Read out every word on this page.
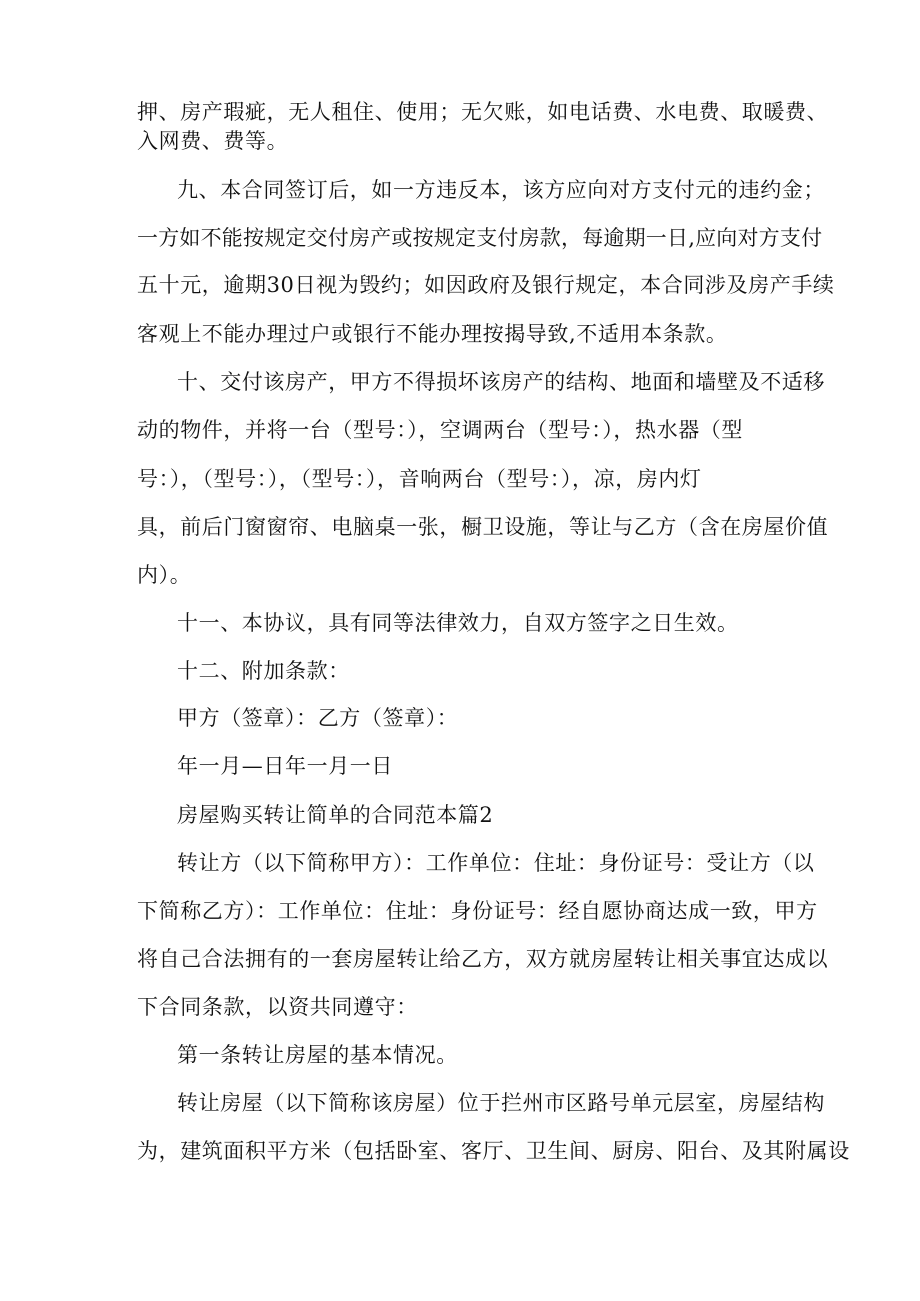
押、房产瑕疵，无人租住、使用；无欠账，如电话费、水电费、取暖费、
入网费、费等。
九、本合同签订后，如一方违反本，该方应向对方支付元的违约金；
一方如不能按规定交付房产或按规定支付房款，每逾期一日,应向对方支付
五十元，逾期30日视为毁约；如因政府及银行规定，本合同涉及房产手续
客观上不能办理过户或银行不能办理按揭导致,不适用本条款。
十、交付该房产，甲方不得损坏该房产的结构、地面和墙壁及不适移
动的物件，并将一台（型号：），空调两台（型号：），热水器（型
号：），（型号：），（型号：），音响两台（型号：），凉，房内灯
具，前后门窗窗帘、电脑桌一张，橱卫设施，等让与乙方（含在房屋价值
内）。
十一、本协议，具有同等法律效力，自双方签字之日生效。
十二、附加条款：
甲方（签章）：乙方（签章）：
年一月—日年一月一日
房屋购买转让简单的合同范本篇2
转让方（以下简称甲方）：工作单位：住址：身份证号：受让方（以
下简称乙方）：工作单位：住址：身份证号：经自愿协商达成一致，甲方
将自己合法拥有的一套房屋转让给乙方，双方就房屋转让相关事宜达成以
下合同条款，以资共同遵守：
第一条转让房屋的基本情况。
转让房屋（以下简称该房屋）位于拦州市区路号单元层室，房屋结构
为，建筑面积平方米（包括卧室、客厅、卫生间、厨房、阳台、及其附属设
